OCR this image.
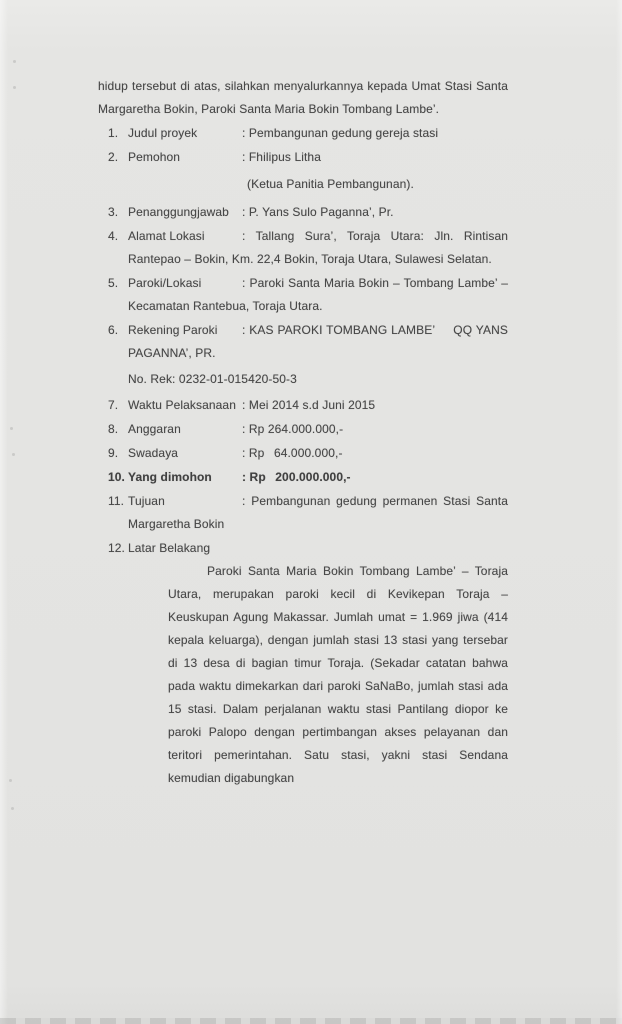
hidup tersebut di atas, silahkan menyalurkannya kepada Umat Stasi Santa Margaretha Bokin, Paroki Santa Maria Bokin Tombang Lambe’.

1. Judul proyek	: Pembangunan gedung gereja stasi
2. Pemohon	: Fhilipus Litha
(Ketua Panitia Pembangunan).
3. Penanggungjawab : P. Yans Sulo Paganna’, Pr.
4. Alamat Lokasi	: Tallang Sura’, Toraja Utara: Jln. Rintisan Rantepao – Bokin, Km. 22,4 Bokin, Toraja Utara, Sulawesi Selatan.
5. Paroki/Lokasi	: Paroki Santa Maria Bokin – Tombang Lambe’ – Kecamatan Rantebua, Toraja Utara.
6. Rekening Paroki : KAS PAROKI TOMBANG LAMBE’  QQ YANS PAGANNA’, PR.
No. Rek: 0232-01-015420-50-3
7. Waktu Pelaksanaan : Mei 2014 s.d Juni 2015
8. Anggaran	: Rp 264.000.000,-
9. Swadaya	: Rp  64.000.000,-
10. Yang dimohon	: Rp  200.000.000,-
11. Tujuan	: Pembangunan gedung permanen Stasi Santa Margaretha Bokin
12. Latar Belakang
Paroki Santa Maria Bokin Tombang Lambe’ – Toraja Utara, merupakan paroki kecil di Kevikepan Toraja – Keuskupan Agung Makassar. Jumlah umat = 1.969 jiwa (414 kepala keluarga), dengan jumlah stasi 13 stasi yang tersebar di 13 desa di bagian timur Toraja. (Sekadar catatan bahwa pada waktu dimekarkan dari paroki SaNaBo, jumlah stasi ada 15 stasi. Dalam perjalanan waktu stasi Pantilang diopor ke paroki Palopo dengan pertimbangan akses pelayanan dan teritori pemerintahan. Satu stasi, yakni stasi Sendana kemudian digabungkan
